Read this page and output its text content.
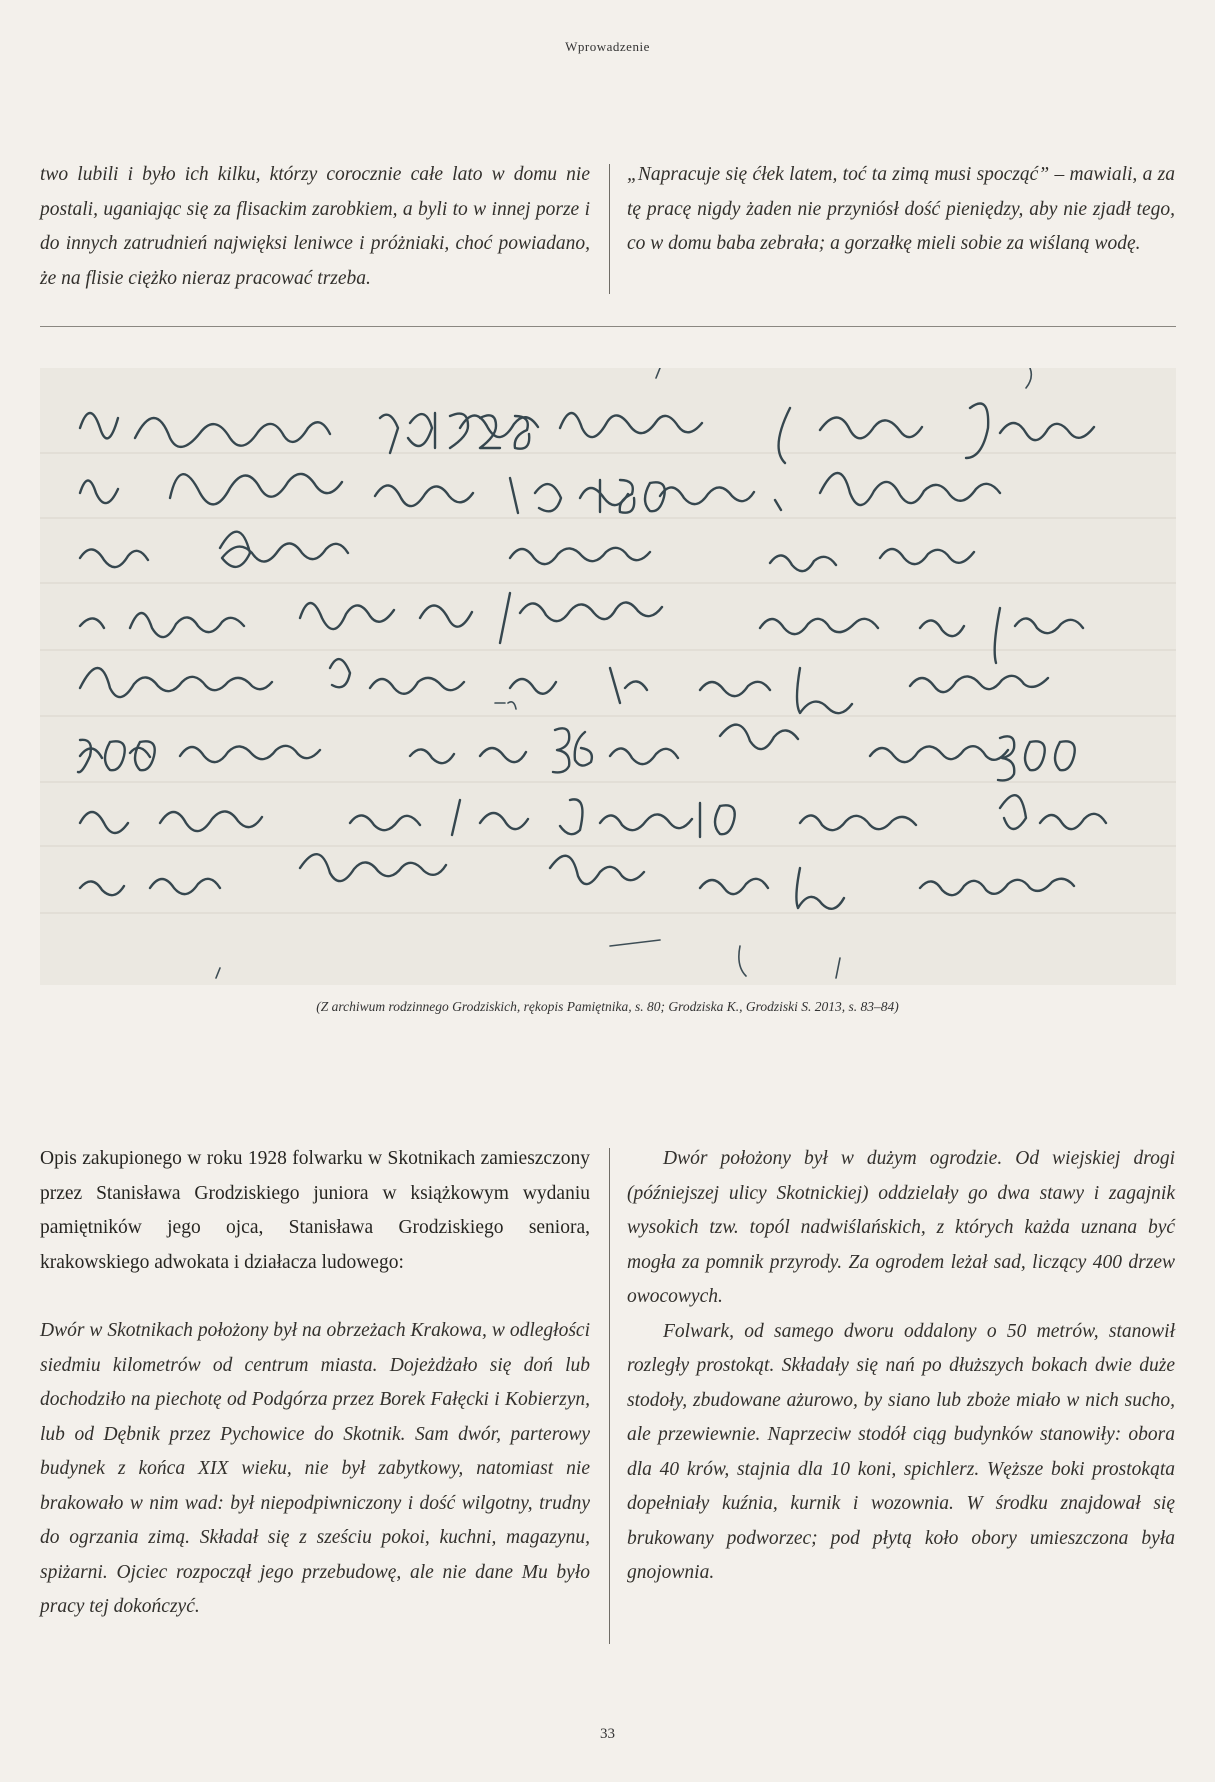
Wprowadzenie

two lubili i było ich kilku, którzy corocznie całe lato w domu nie postali, uganiając się za flisackim zarobkiem, a byli to w innej porze i do innych zatrudnień najwięksi leniwce i próżniaki, choć powiadano, że na flisie ciężko nieraz pracować trzeba.

„Napracuje się ćłek latem, toć ta zimą musi spocząć” – mawiali, a za tę pracę nigdy żaden nie przyniósł dość pieniędzy, aby nie zjadł tego, co w domu baba zebrała; a gorzałkę mieli sobie za wiślaną wodę.

(Z archiwum rodzinnego Grodziskich, rękopis Pamiętnika, s. 80; Grodziska K., Grodziski S. 2013, s. 83–84)

Opis zakupionego w roku 1928 folwarku w Skotnikach zamieszczony przez Stanisława Grodziskiego juniora w książkowym wydaniu pamiętników jego ojca, Stanisława Grodziskiego seniora, krakowskiego adwokata i działacza ludowego:

Dwór w Skotnikach położony był na obrzeżach Krakowa, w odległości siedmiu kilometrów od centrum miasta. Dojeżdżało się doń lub dochodziło na piechotę od Podgórza przez Borek Fałęcki i Kobierzyn, lub od Dębnik przez Pychowice do Skotnik. Sam dwór, parterowy budynek z końca XIX wieku, nie był zabytkowy, natomiast nie brakowało w nim wad: był niepodpiwniczony i dość wilgotny, trudny do ogrzania zimą. Składał się z sześciu pokoi, kuchni, magazynu, spiżarni. Ojciec rozpoczął jego przebudowę, ale nie dane Mu było pracy tej dokończyć.

Dwór położony był w dużym ogrodzie. Od wiejskiej drogi (późniejszej ulicy Skotnickiej) oddzielały go dwa stawy i zagajnik wysokich tzw. topól nadwiślańskich, z których każda uznana być mogła za pomnik przyrody. Za ogrodem leżał sad, liczący 400 drzew owocowych.

Folwark, od samego dworu oddalony o 50 metrów, stanowił rozległy prostokąt. Składały się nań po dłuższych bokach dwie duże stodoły, zbudowane ażurowo, by siano lub zboże miało w nich sucho, ale przewiewnie. Naprzeciw stodół ciąg budynków stanowiły: obora dla 40 krów, stajnia dla 10 koni, spichlerz. Węższe boki prostokąta dopełniały kuźnia, kurnik i wozownia. W środku znajdował się brukowany podworzec; pod płytą koło obory umieszczona była gnojownia.

33
